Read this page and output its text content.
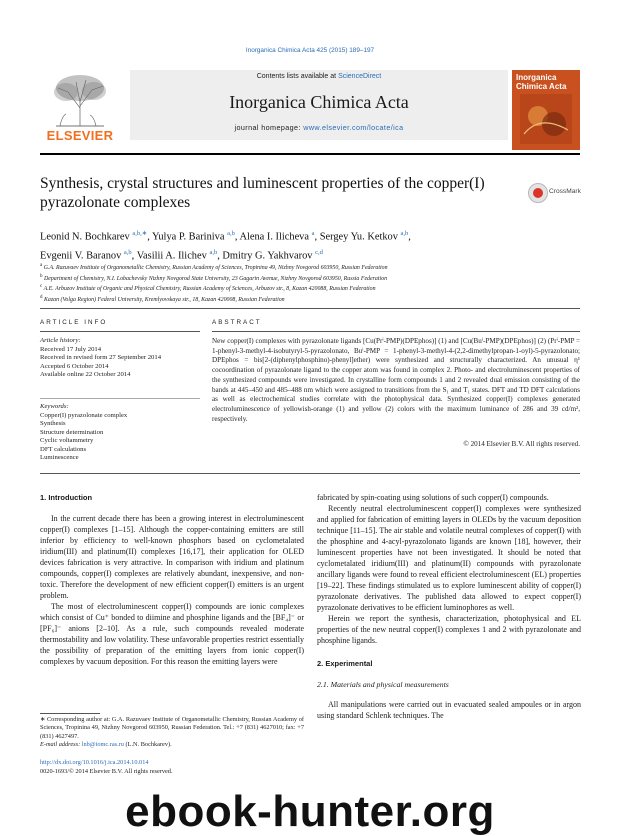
Inorganica Chimica Acta 425 (2015) 189–197
ELSEVIER
Contents lists available at ScienceDirect
Inorganica Chimica Acta
journal homepage: www.elsevier.com/locate/ica
Inorganica Chimica Acta
Synthesis, crystal structures and luminescent properties of the copper(I) pyrazolonate complexes
CrossMark
Leonid N. Bochkarev $^{a,b,∗}$, Yulya P. Bariniva $^{a,b}$, Alena I. Ilicheva $^a$, Sergey Yu. Ketkov $^{a,b}$,
Evgenii V. Baranov $^{a,b}$, Vasilii A. Ilichev $^{a,b}$, Dmitry G. Yakhvarov $^{c,d}$
$^a$ G.A. Razuvaev Institute of Organometallic Chemistry, Russian Academy of Sciences, Tropinina 49, Nizhny Novgorod 603950, Russian Federation
$^b$ Department of Chemistry, N.I. Lobachevsky Nizhny Novgorod State University, 23 Gagarin Avenue, Nizhny Novgorod 603950, Russia Federation
$^c$ A.E. Arbuzov Institute of Organic and Physical Chemistry, Russian Academy of Sciences, Arbuzov str., 8, Kazan 420088, Russian Federation
$^d$ Kazan (Volga Region) Federal University, Kremlyovskaya str., 18, Kazan 420008, Russian Federation
ARTICLE INFO	ABSTRACT
Article history:
Received 17 July 2014
Received in revised form 27 September 2014
Accepted 6 October 2014
Available online 22 October 2014
Keywords:
Copper(I) pyrazolonate complex
Synthesis
Structure determination
Cyclic voltammetry
DFT calculations
Luminescence
New copper(I) complexes with pyrazolonate ligands [Cu(Prⁱ-PMP)(DPEphos)] (1) and [Cu(Buⁱ-PMP)(DPEphos)] (2) (Prⁱ-PMP = 1-phenyl-3-methyl-4-isobutyryl-5-pyrazolonato, Buⁱ-PMP = 1-phenyl-3-methyl-4-(2,2-dimethylpropan-1-oyl)-5-pyrazolonato; DPEphos = bis[2-(diphenylphosphino)-phenyl]ether) were synthesized and structurally characterized. An unusual η¹ cocoordination of pyrazolonate ligand to the copper atom was found in complex 2. Photo- and electroluminescent properties of the synthesized compounds were investigated. In crystalline form compounds 1 and 2 revealed dual emission consisting of the bands at 445–450 and 485–488 nm which were assigned to transitions from the S₁ and T₁ states. DFT and TD DFT calculations as well as electrochemical studies correlate with the photophysical data. Synthesized copper(I) complexes generated electroluminescence of yellowish-orange (1) and yellow (2) colors with the maximum luminance of 286 and 39 cd/m², respectively.
© 2014 Elsevier B.V. All rights reserved.
1. Introduction

In the current decade there has been a growing interest in electroluminescent copper(I) complexes [1–15]. Although the copper-containing emitters are still inferior by efficiency to well-known phosphors based on cyclometalated iridium(III) and platinum(II) complexes [16,17], their application for OLED devices fabrication is very attractive. In comparison with iridium and platinum compounds, copper(I) complexes are relatively abundant, inexpensive, and non-toxic. Therefore the development of new efficient copper(I) emitters is an urgent problem.

The most of electroluminescent copper(I) compounds are ionic complexes which consist of Cu⁺ bonded to diimine and phosphine ligands and the [BF₄]⁻ or [PF₆]⁻ anions [2–10]. As a rule, such compounds revealed moderate thermostability and low volatility. These unfavorable properties restrict essentially the possibility of preparation of the emitting layers from ionic copper(I) complexes by vacuum deposition. For this reason the emitting layers were

fabricated by spin-coating using solutions of such copper(I) compounds.

Recently neutral electroluminescent copper(I) complexes were synthesized and applied for fabrication of emitting layers in OLEDs by the vacuum deposition technique [11–15]. The air stable and volatile neutral complexes of copper(I) with the phosphine and 4-acyl-pyrazolonato ligands are known [18], however, their luminescent properties have not been investigated. It should be noted that cyclometalated iridium(III) and platinum(II) compounds with pyrazolonate ancillary ligands were found to reveal efficient electroluminescent (EL) properties [19–22]. These findings stimulated us to explore luminescent ability of copper(I) pyrazolonate derivatives. The published data allowed to expect copper(I) pyrazolonate derivatives to be efficient luminophores as well.

Herein we report the synthesis, characterization, photophysical and EL properties of the new neutral copper(I) complexes 1 and 2 with pyrazolonate and phosphine ligands.

2. Experimental
2.1. Materials and physical measurements

All manipulations were carried out in evacuated sealed ampoules or in argon using standard Schlenk techniques. The

∗ Corresponding author at: G.A. Razuvaev Institute of Organometallic Chemistry, Russian Academy of Sciences, Tropinina 49, Nizhny Novgorod 603950, Russian Federation. Tel.: +7 (831) 4627010; fax: +7 (831) 4627497.
E-mail address: lnb@iomc.ras.ru (L.N. Bochkarev).
http://dx.doi.org/10.1016/j.ica.2014.10.014
0020-1693/© 2014 Elsevier B.V. All rights reserved.
ebook-hunter.org
